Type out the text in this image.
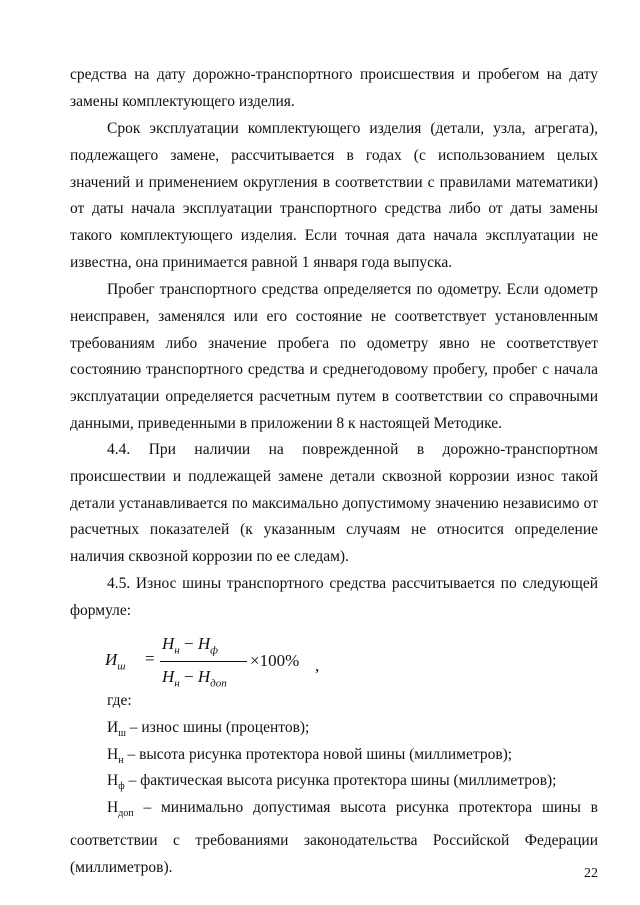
средства на дату дорожно-транспортного происшествия и пробегом на дату замены комплектующего изделия.

Срок эксплуатации комплектующего изделия (детали, узла, агрегата), подлежащего замене, рассчитывается в годах (с использованием целых значений и применением округления в соответствии с правилами математики) от даты начала эксплуатации транспортного средства либо от даты замены такого комплектующего изделия. Если точная дата начала эксплуатации не известна, она принимается равной 1 января года выпуска.

Пробег транспортного средства определяется по одометру. Если одометр неисправен, заменялся или его состояние не соответствует установленным требованиям либо значение пробега по одометру явно не соответствует состоянию транспортного средства и среднегодовому пробегу, пробег с начала эксплуатации определяется расчетным путем в соответствии со справочными данными, приведенными в приложении 8 к настоящей Методике.

4.4. При наличии на поврежденной в дорожно-транспортном происшествии и подлежащей замене детали сквозной коррозии износ такой детали устанавливается по максимально допустимому значению независимо от расчетных показателей (к указанным случаям не относится определение наличия сквозной коррозии по ее следам).

4.5. Износ шины транспортного средства рассчитывается по следующей формуле:

$И_ш$ =
$Н_н - Н_ф$
$Н_н - Н_{доп}$
×100% ,
где:
$И_ш$ – износ шины (процентов);
$Н_н$ – высота рисунка протектора новой шины (миллиметров);
$Н_ф$ – фактическая высота рисунка протектора шины (миллиметров);

$Н_{доп}$ – минимально допустимая высота рисунка протектора шины в соответствии с требованиями законодательства Российской Федерации (миллиметров).	22
